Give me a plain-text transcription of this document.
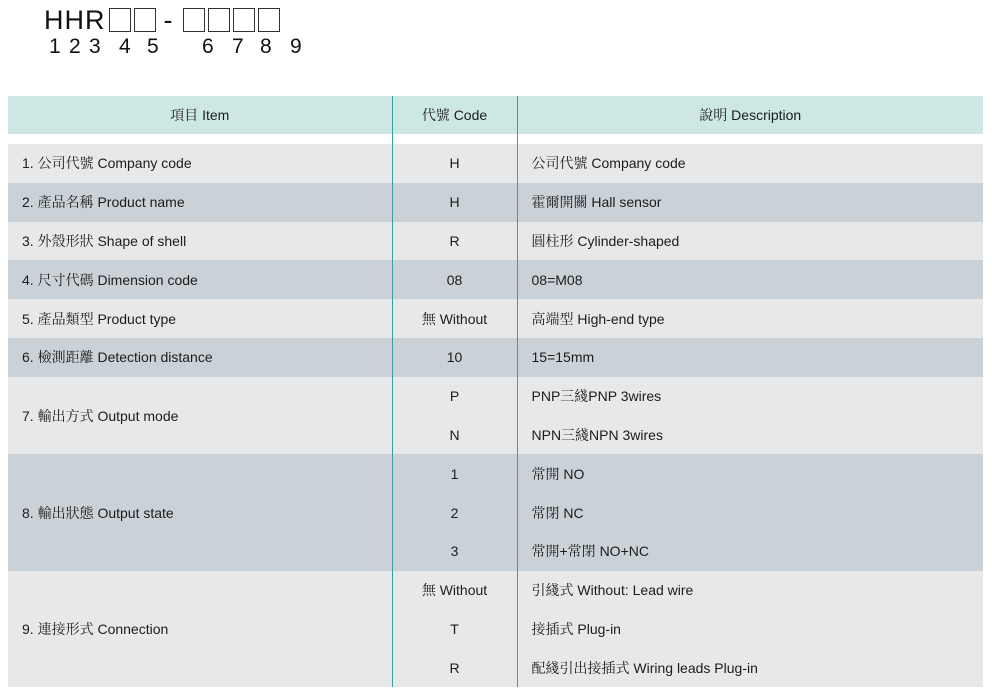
HHR -
1 2 3 4 5 6 7 8 9
項目 Item	代號 Code	說明 Description

1. 公司代號 Company code	H	公司代號 Company code
2. 產品名稱 Product name	H	霍爾開關 Hall sensor
3. 外殼形狀 Shape of shell	R	圓柱形 Cylinder-shaped
4. 尺寸代碼 Dimension code	08	08=M08
5. 產品類型 Product type	無 Without	高端型 High-end type
6. 檢測距離 Detection distance	10	15=15mm
7. 輸出方式 Output mode	P	PNP三綫PNP 3wires
	N	NPN三綫NPN 3wires
8. 輸出狀態 Output state	1	常開 NO
	2	常閉 NC
	3	常開+常閉 NO+NC
9. 連接形式 Connection	無 Without	引綫式 Without: Lead wire
	T	接插式 Plug-in
	R	配綫引出接插式 Wiring leads Plug-in
